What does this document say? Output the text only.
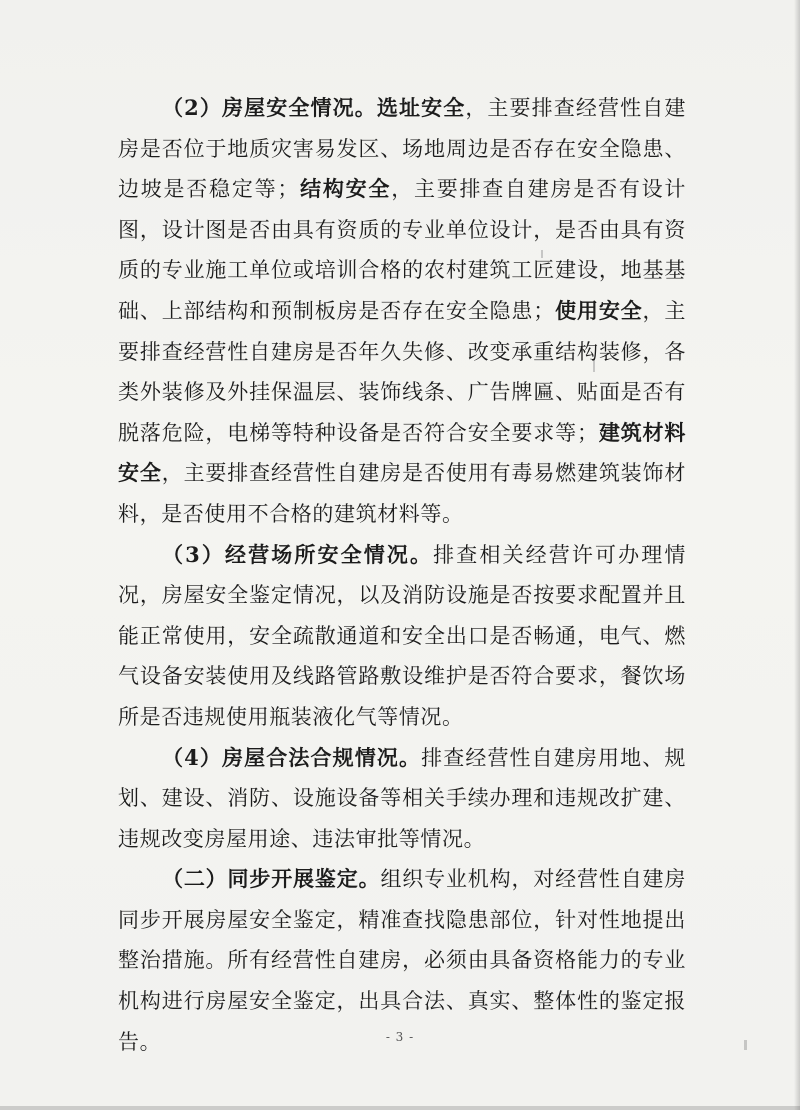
（2）房屋安全情况。选址安全，主要排查经营性自建房是否位于地质灾害易发区、场地周边是否存在安全隐患、边坡是否稳定等；结构安全，主要排查自建房是否有设计图，设计图是否由具有资质的专业单位设计，是否由具有资质的专业施工单位或培训合格的农村建筑工匠建设，地基基础、上部结构和预制板房是否存在安全隐患；使用安全，主要排查经营性自建房是否年久失修、改变承重结构装修，各类外装修及外挂保温层、装饰线条、广告牌匾、贴面是否有脱落危险，电梯等特种设备是否符合安全要求等；建筑材料安全，主要排查经营性自建房是否使用有毒易燃建筑装饰材料，是否使用不合格的建筑材料等。

（3）经营场所安全情况。排查相关经营许可办理情况，房屋安全鉴定情况，以及消防设施是否按要求配置并且能正常使用，安全疏散通道和安全出口是否畅通，电气、燃气设备安装使用及线路管路敷设维护是否符合要求，餐饮场所是否违规使用瓶装液化气等情况。

（4）房屋合法合规情况。排查经营性自建房用地、规划、建设、消防、设施设备等相关手续办理和违规改扩建、违规改变房屋用途、违法审批等情况。

（二）同步开展鉴定。组织专业机构，对经营性自建房同步开展房屋安全鉴定，精准查找隐患部位，针对性地提出整治措施。所有经营性自建房，必须由具备资格能力的专业机构进行房屋安全鉴定，出具合法、真实、整体性的鉴定报告。	- 3 -
